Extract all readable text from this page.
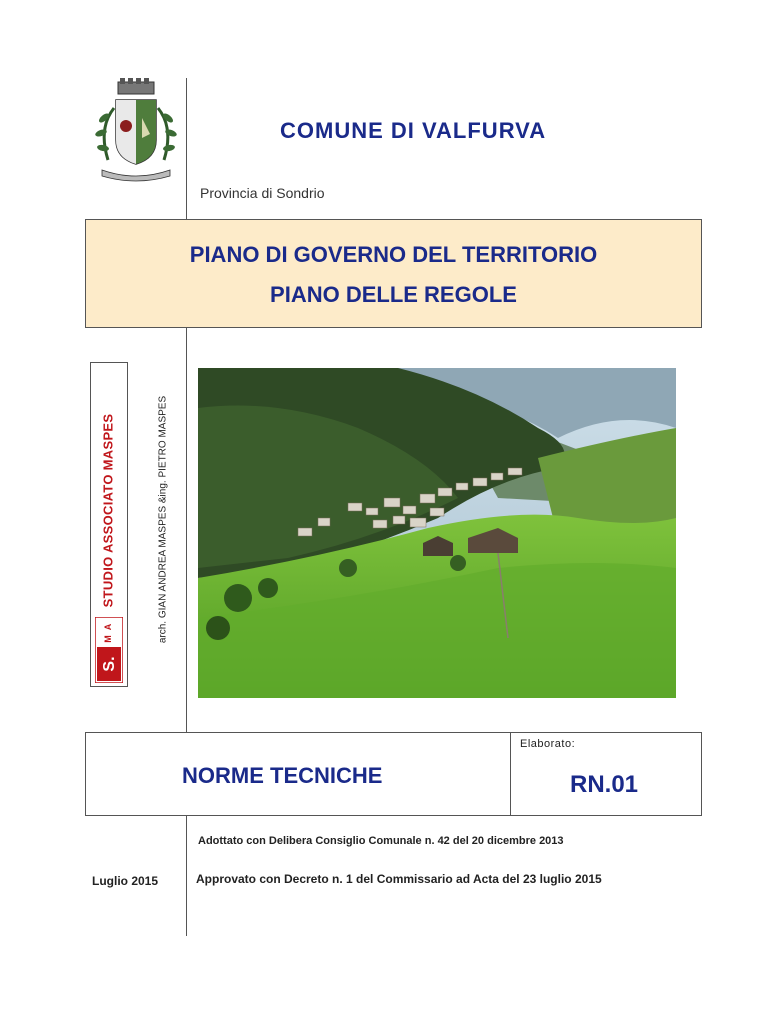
COMUNE DI VALFURVA
Provincia di Sondrio
PIANO DI GOVERNO DEL TERRITORIO
PIANO DELLE REGOLE
STUDIO ASSOCIATO MASPES
S.
A
M	arch. GIAN ANDREA MASPES &ing. PIETRO MASPES
NORME TECNICHE
Elaborato:
RN.01
Adottato con Delibera Consiglio Comunale n. 42 del 20 dicembre 2013
Approvato con Decreto n. 1 del Commissario ad Acta del 23 luglio 2015
Luglio 2015
